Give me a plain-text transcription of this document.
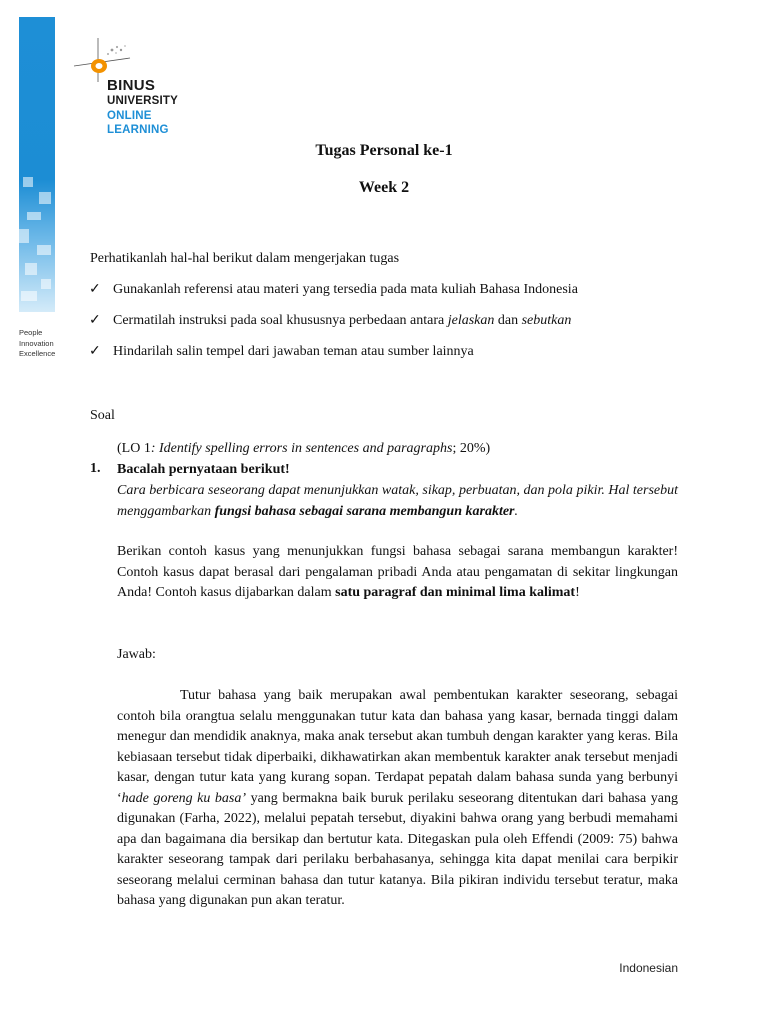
People
Innovation
Excellence
BINUS
UNIVERSITY
ONLINE
LEARNING
Tugas Personal ke-1
Week 2
Perhatikanlah hal-hal berikut dalam mengerjakan tugas
✓ Gunakanlah referensi atau materi yang tersedia pada mata kuliah Bahasa Indonesia
✓ Cermatilah instruksi pada soal khususnya perbedaan antara jelaskan dan sebutkan
✓ Hindarilah salin tempel dari jawaban teman atau sumber lainnya
Soal
(LO 1: Identify spelling errors in sentences and paragraphs; 20%)
1. Bacalah pernyataan berikut!
Cara berbicara seseorang dapat menunjukkan watak, sikap, perbuatan, dan pola pikir. Hal tersebut menggambarkan fungsi bahasa sebagai sarana membangun karakter.
Berikan contoh kasus yang menunjukkan fungsi bahasa sebagai sarana membangun karakter! Contoh kasus dapat berasal dari pengalaman pribadi Anda atau pengamatan di sekitar lingkungan Anda! Contoh kasus dijabarkan dalam satu paragraf dan minimal lima kalimat!
Jawab:
Tutur bahasa yang baik merupakan awal pembentukan karakter seseorang, sebagai contoh bila orangtua selalu menggunakan tutur kata dan bahasa yang kasar, bernada tinggi dalam menegur dan mendidik anaknya, maka anak tersebut akan tumbuh dengan karakter yang keras. Bila kebiasaan tersebut tidak diperbaiki, dikhawatirkan akan membentuk karakter anak tersebut menjadi kasar, dengan tutur kata yang kurang sopan. Terdapat pepatah dalam bahasa sunda yang berbunyi ‘hade goreng ku basa’ yang bermakna baik buruk perilaku seseorang ditentukan dari bahasa yang digunakan (Farha, 2022), melalui pepatah tersebut, diyakini bahwa orang yang berbudi memahami apa dan bagaimana dia bersikap dan bertutur kata. Ditegaskan pula oleh Effendi (2009: 75) bahwa karakter seseorang tampak dari perilaku berbahasanya, sehingga kita dapat menilai cara berpikir seseorang melalui cerminan bahasa dan tutur katanya. Bila pikiran individu tersebut teratur, maka bahasa yang digunakan pun akan teratur.
Indonesian
